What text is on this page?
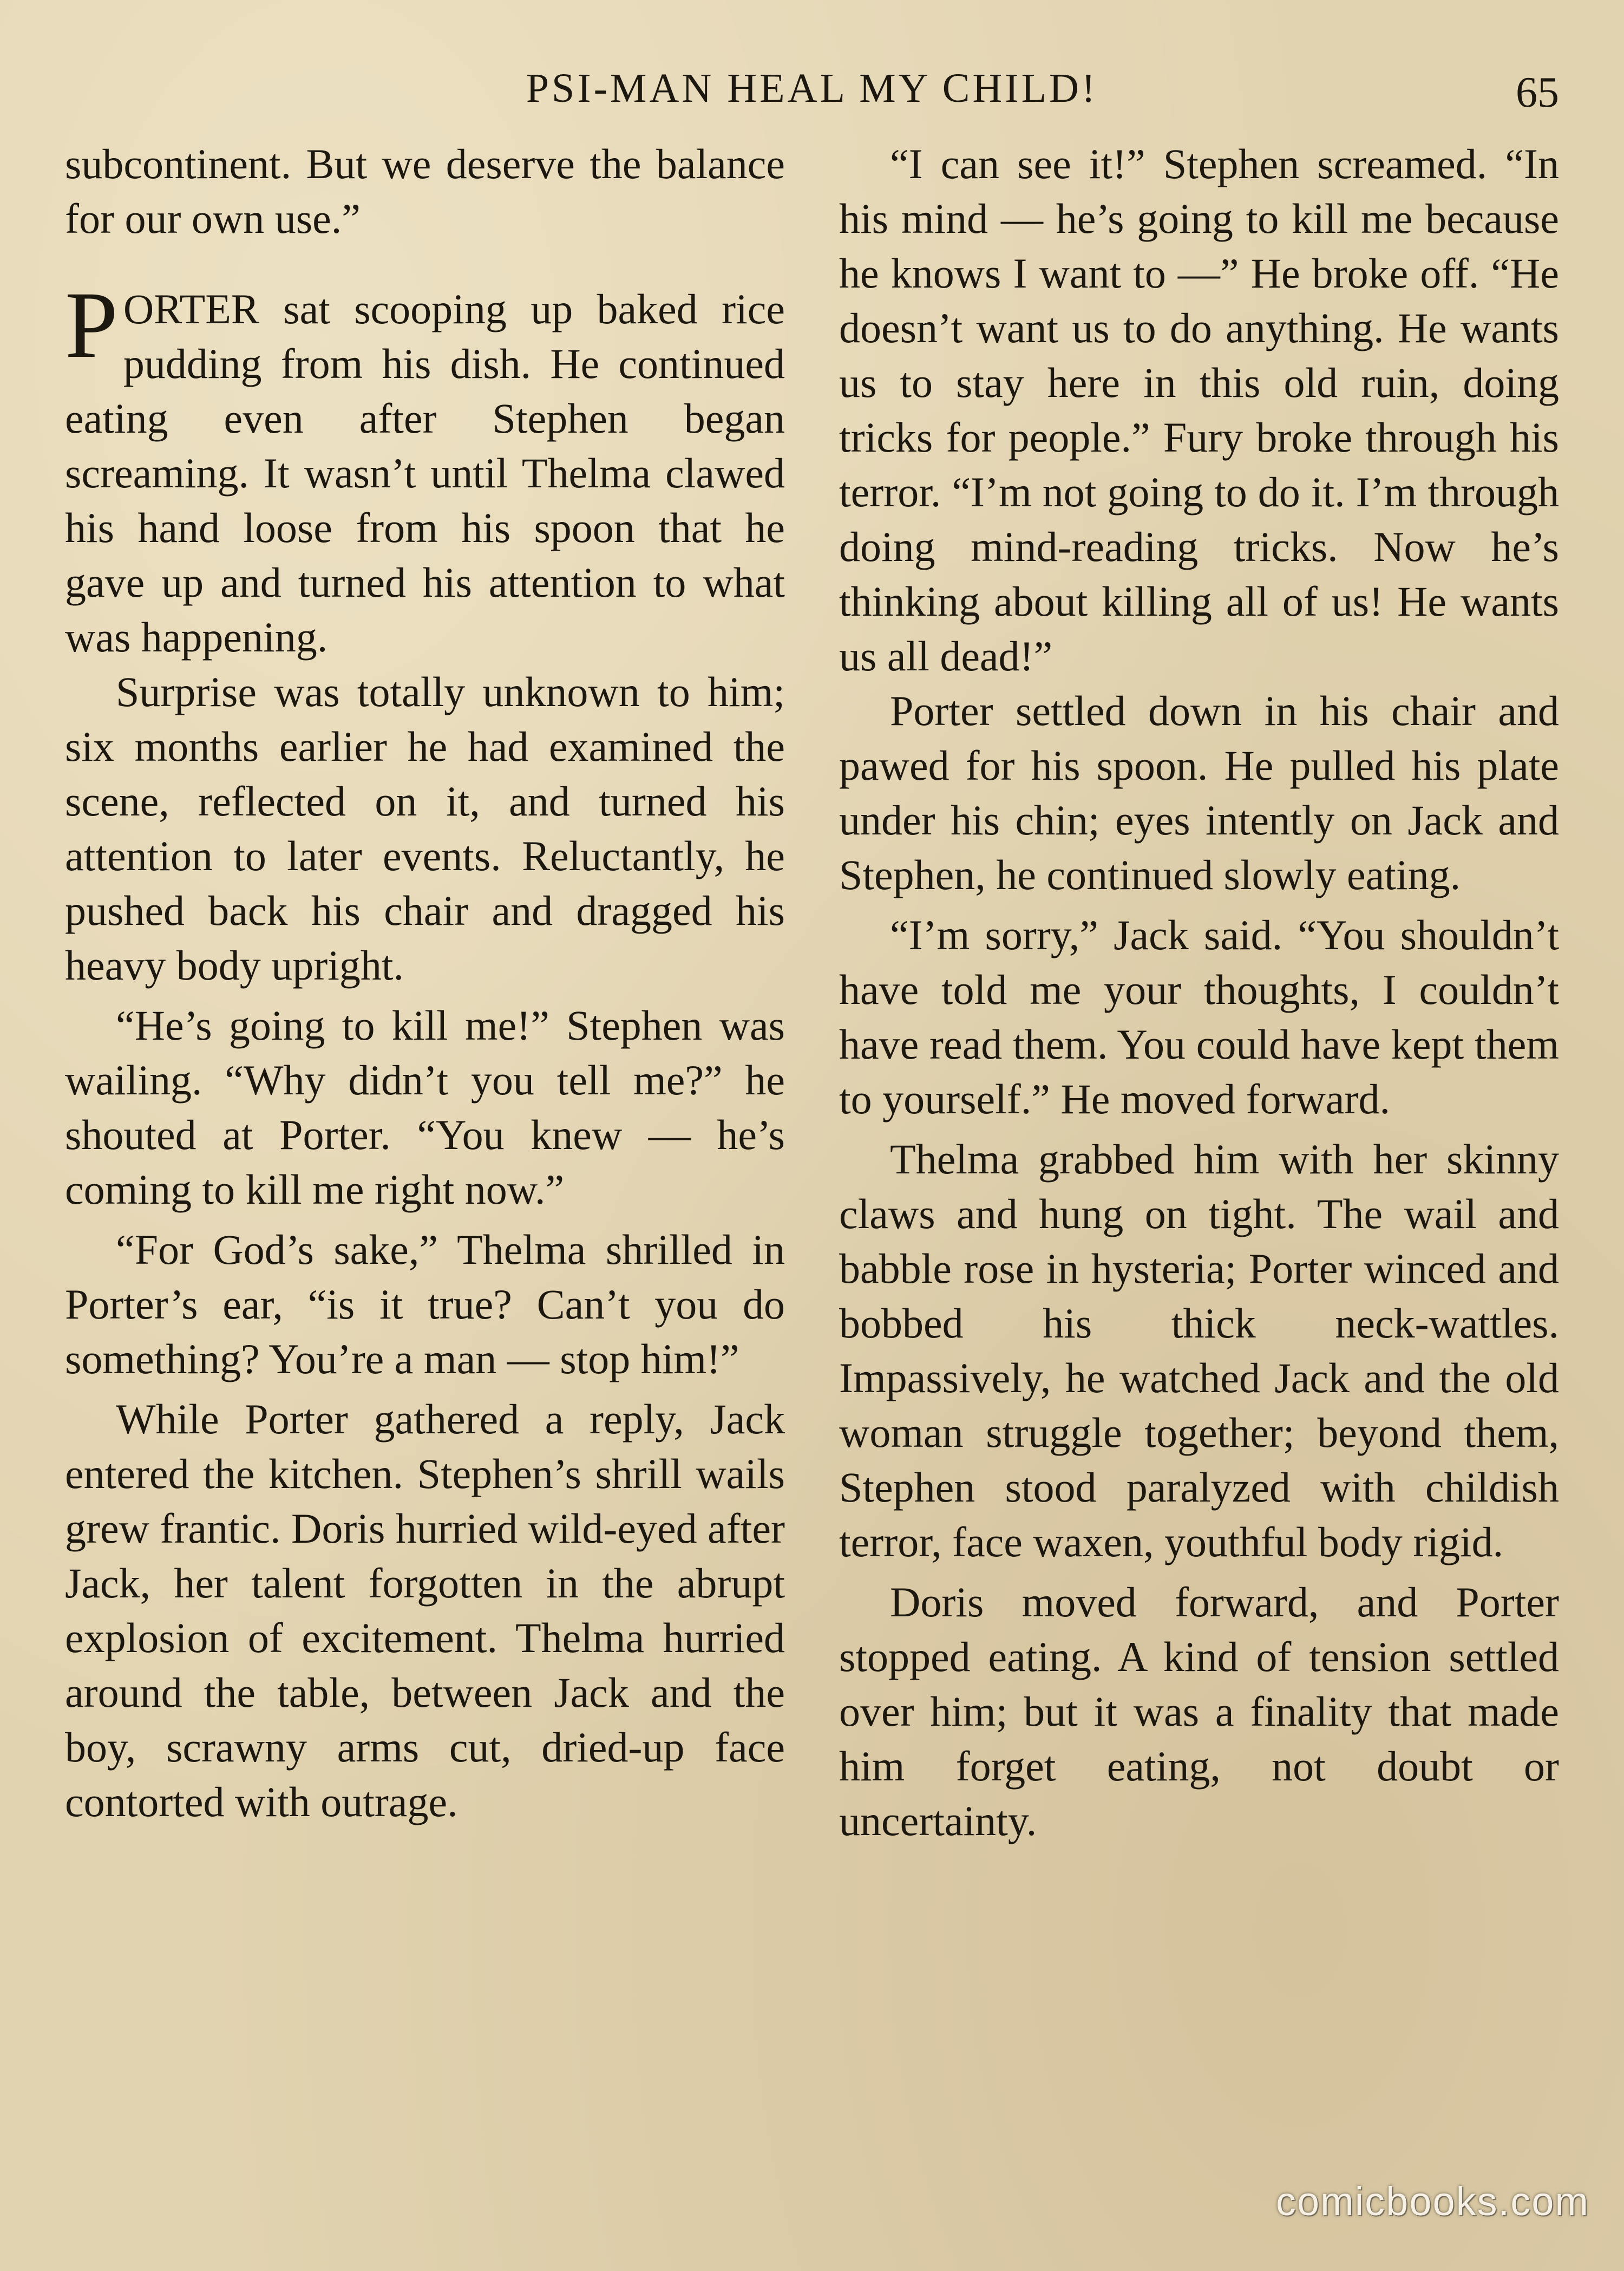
PSI-MAN HEAL MY CHILD!	65

subcontinent. But we deserve the balance for our own use.”

PORTER sat scooping up baked rice pudding from his dish. He continued eating even after Stephen began screaming. It wasn’t until Thelma clawed his hand loose from his spoon that he gave up and turned his attention to what was happening.

Surprise was totally unknown to him; six months earlier he had examined the scene, reflected on it, and turned his attention to later events. Reluctantly, he pushed back his chair and dragged his heavy body upright.

“He’s going to kill me!” Stephen was wailing. “Why didn’t you tell me?” he shouted at Porter. “You knew — he’s coming to kill me right now.”

“For God’s sake,” Thelma shrilled in Porter’s ear, “is it true? Can’t you do something? You’re a man — stop him!”

While Porter gathered a reply, Jack entered the kitchen. Stephen’s shrill wails grew frantic. Doris hurried wild-eyed after Jack, her talent forgotten in the abrupt explosion of excitement. Thelma hurried around the table, between Jack and the boy, scrawny arms cut, dried-up face contorted with outrage.

“I can see it!” Stephen screamed. “In his mind — he’s going to kill me because he knows I want to —” He broke off. “He doesn’t want us to do anything. He wants us to stay here in this old ruin, doing tricks for people.” Fury broke through his terror. “I’m not going to do it. I’m through doing mind-reading tricks. Now he’s thinking about killing all of us! He wants us all dead!”

Porter settled down in his chair and pawed for his spoon. He pulled his plate under his chin; eyes intently on Jack and Stephen, he continued slowly eating.

“I’m sorry,” Jack said. “You shouldn’t have told me your thoughts, I couldn’t have read them. You could have kept them to yourself.” He moved forward.

Thelma grabbed him with her skinny claws and hung on tight. The wail and babble rose in hysteria; Porter winced and bobbed his thick neck-wattles. Impassively, he watched Jack and the old woman struggle together; beyond them, Stephen stood paralyzed with childish terror, face waxen, youthful body rigid.

Doris moved forward, and Porter stopped eating. A kind of tension settled over him; but it was a finality that made him forget eating, not doubt or uncertainty.

comicbooks.com
